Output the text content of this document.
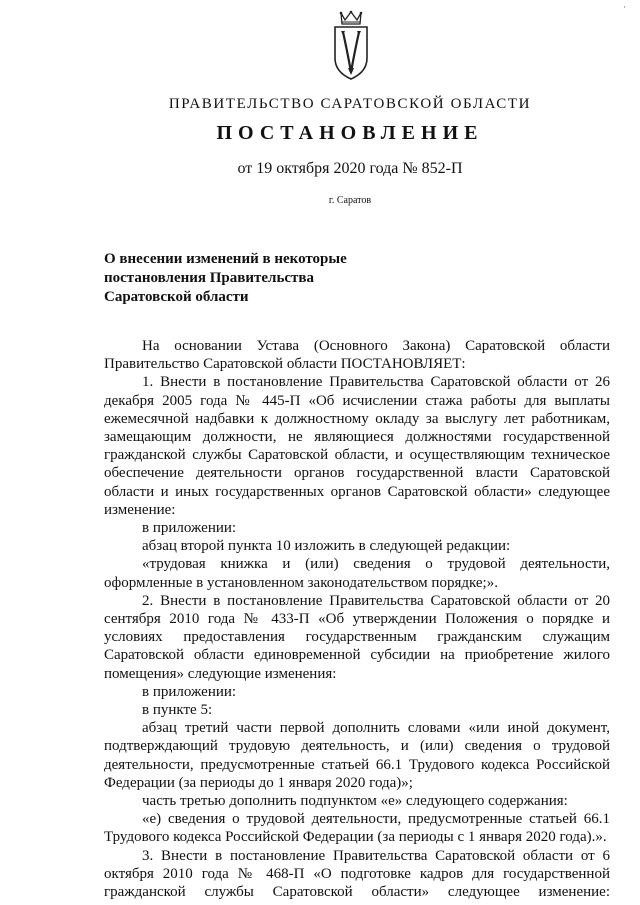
·
ПРАВИТЕЛЬСТВО САРАТОВСКОЙ ОБЛАСТИ
ПОСТАНОВЛЕНИЕ
от 19 октября 2020 года № 852-П
г. Саратов
О внесении изменений в некоторые
постановления Правительства
Саратовской области

На основании Устава (Основного Закона) Саратовской области Правительство Саратовской области ПОСТАНОВЛЯЕТ:

1. Внести в постановление Правительства Саратовской области от 26 декабря 2005 года № 445-П «Об исчислении стажа работы для выплаты ежемесячной надбавки к должностному окладу за выслугу лет работникам, замещающим должности, не являющиеся должностями государственной гражданской службы Саратовской области, и осуществляющим техническое обеспечение деятельности органов государственной власти Саратовской области и иных государственных органов Саратовской области» следующее изменение:

в приложении:

абзац второй пункта 10 изложить в следующей редакции:

«трудовая книжка и (или) сведения о трудовой деятельности, оформленные в установленном законодательством порядке;».

2. Внести в постановление Правительства Саратовской области от 20 сентября 2010 года № 433-П «Об утверждении Положения о порядке и условиях предоставления государственным гражданским служащим Саратовской области единовременной субсидии на приобретение жилого помещения» следующие изменения:

в приложении:

в пункте 5:

абзац третий части первой дополнить словами «или иной документ, подтверждающий трудовую деятельность, и (или) сведения о трудовой деятельности, предусмотренные статьей 66.1 Трудового кодекса Российской Федерации (за периоды до 1 января 2020 года)»;

часть третью дополнить подпунктом «е» следующего содержания:

«е) сведения о трудовой деятельности, предусмотренные статьей 66.1 Трудового кодекса Российской Федерации (за периоды с 1 января 2020 года).».

3. Внести в постановление Правительства Саратовской области от 6 октября 2010 года № 468-П «О подготовке кадров для государственной гражданской службы Саратовской области» следующее изменение:
